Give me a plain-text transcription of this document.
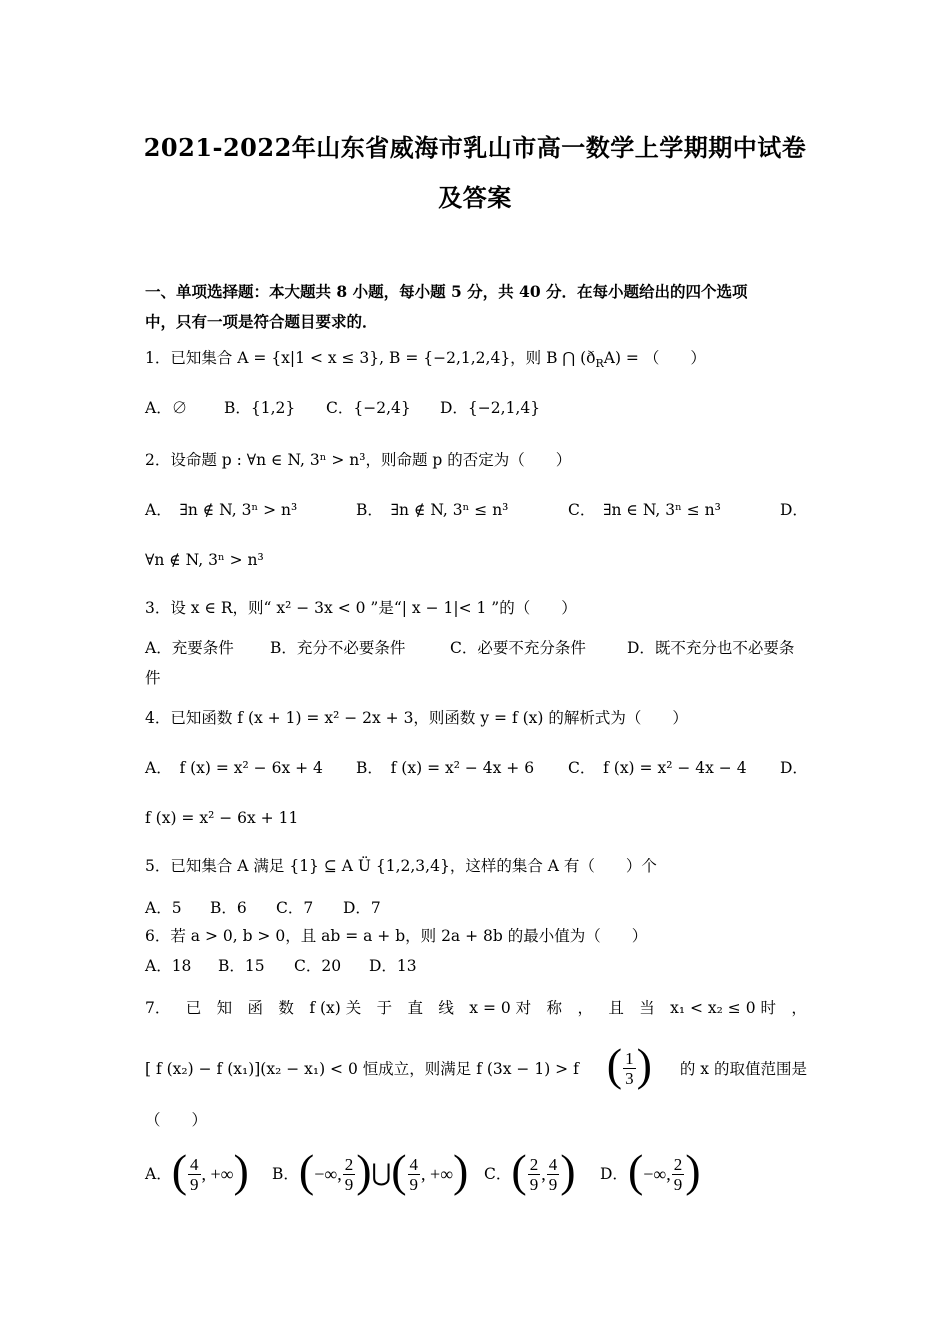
2021-2022年山东省威海市乳山市高一数学上学期期中试卷
及答案
一、单项选择题：本大题共 8 小题，每小题 5 分，共 40 分．在每小题给出的四个选项
中，只有一项是符合题目要求的．
1．已知集合 A = {x|1 < x ≤ 3}, B = {−2,1,2,4}，则 B ⋂ $(ð_RA)$ = （　　）
A．∅ B．{1,2} C．{−2,4} D．{−2,1,4}
2．设命题 p : ∀n ∈ N, 3ⁿ > n³，则命题 p 的否定为（　　）
A．　∃n ∉ N, 3ⁿ > n³	B．　∃n ∉ N, 3ⁿ ≤ n³	C．　∃n ∈ N, 3ⁿ ≤ n³	D．
∀n ∉ N, 3ⁿ > n³
3．设 x ∈ R，则“ x² − 3x < 0 ”是“| x − 1|< 1 ”的（　　）
A．充要条件 B．充分不必要条件	C．必要不充分条件	D．既不充分也不必要条
件
4．已知函数 f (x + 1) = x² − 2x + 3，则函数 y = f (x) 的解析式为（　　）
A．　f (x) = x² − 6x + 4 B．　f (x) = x² − 4x + 6 C．　f (x) = x² − 4x − 4 D．
f (x) = x² − 6x + 11
5．已知集合 A 满足 {1} ⊆ A Ü {1,2,3,4}，这样的集合 A 有（　　）个
A．5 B．6 C．7 D．7
6．若 a > 0, b > 0，且 ab = a + b，则 2a + 8b 的最小值为（　　）
A．18 B．15 C．20 D．13
7． 已 知 函 数 f (x) 关 于 直 线 x = 0 对 称 ， 且 当 x₁ < x₂ ≤ 0 时 ，
[ f (x₂) − f (x₁)](x₂ − x₁) < 0 恒成立，则满足 f (3x − 1) > f ( $\frac{1}{3}$ ) 的 x 的取值范围是
（　　）
A． ( $\frac{4}{9}$ , +∞ ) B． ( −∞, $\frac{2}{9}$ ) ⋃ ( $\frac{4}{9}$ , +∞ ) C． ( $\frac{2}{9}$ , $\frac{4}{9}$ ) D． ( −∞, $\frac{2}{9}$ )
